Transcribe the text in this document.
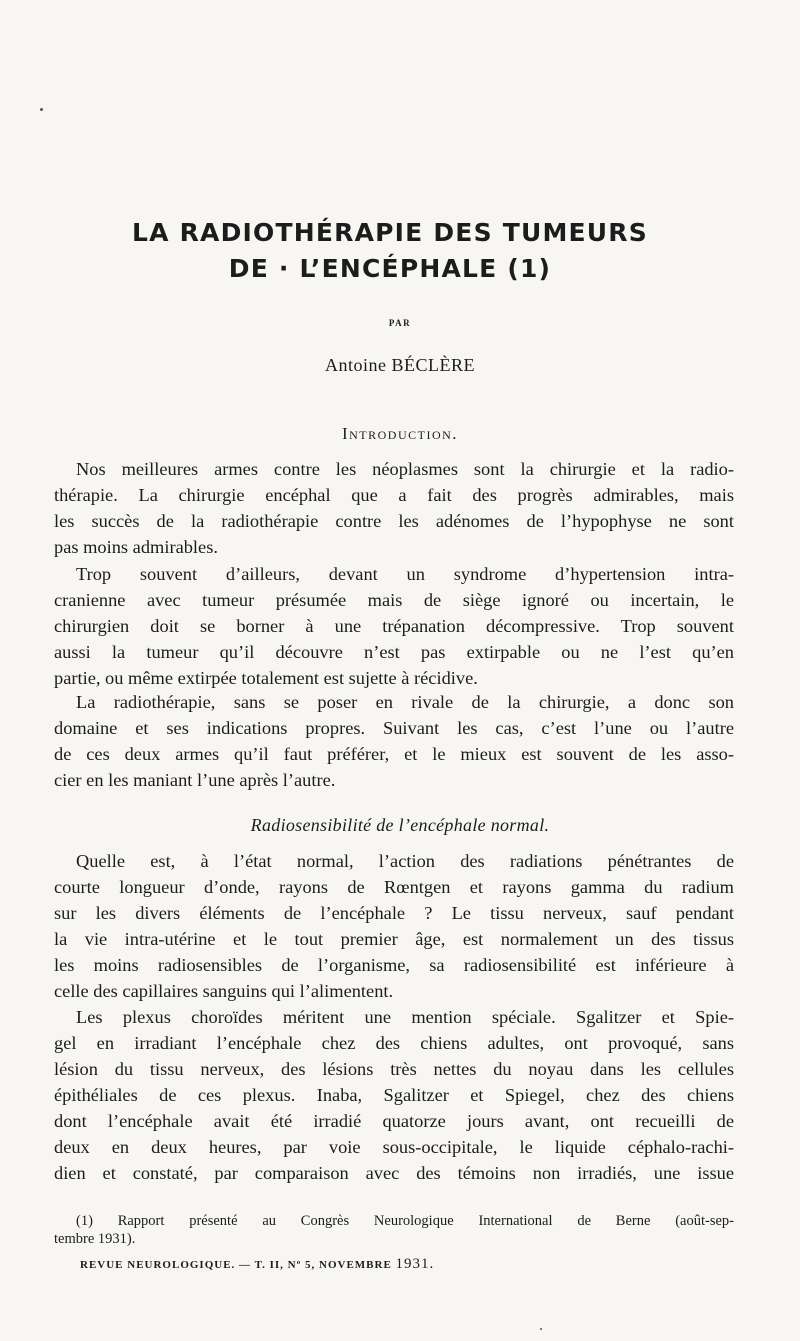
LA RADIOTHÉRAPIE DES TUMEURS
DE · L’ENCÉPHALE (1)
PAR
Antoine BÉCLÈRE
Introduction.
Nos meilleures armes contre les néoplasmes sont la chirurgie et la radio-
thérapie. La chirurgie encéphal que a fait des progrès admirables, mais
les succès de la radiothérapie contre les adénomes de l’hypophyse ne sont
pas moins admirables.
Trop souvent d’ailleurs, devant un syndrome d’hypertension intra-
cranienne avec tumeur présumée mais de siège ignoré ou incertain, le
chirurgien doit se borner à une trépanation décompressive. Trop souvent
aussi la tumeur qu’il découvre n’est pas extirpable ou ne l’est qu’en
partie, ou même extirpée totalement est sujette à récidive.
La radiothérapie, sans se poser en rivale de la chirurgie, a donc son
domaine et ses indications propres. Suivant les cas, c’est l’une ou l’autre
de ces deux armes qu’il faut préférer, et le mieux est souvent de les asso-
cier en les maniant l’une après l’autre.
Radiosensibilité de l’encéphale normal.
Quelle est, à l’état normal, l’action des radiations pénétrantes de
courte longueur d’onde, rayons de Rœntgen et rayons gamma du radium
sur les divers éléments de l’encéphale ? Le tissu nerveux, sauf pendant
la vie intra-utérine et le tout premier âge, est normalement un des tissus
les moins radiosensibles de l’organisme, sa radiosensibilité est inférieure à
celle des capillaires sanguins qui l’alimentent.
Les plexus choroïdes méritent une mention spéciale. Sgalitzer et Spie-
gel en irradiant l’encéphale chez des chiens adultes, ont provoqué, sans
lésion du tissu nerveux, des lésions très nettes du noyau dans les cellules
épithéliales de ces plexus. Inaba, Sgalitzer et Spiegel, chez des chiens
dont l’encéphale avait été irradié quatorze jours avant, ont recueilli de
deux en deux heures, par voie sous-occipitale, le liquide céphalo-rachi-
dien et constaté, par comparaison avec des témoins non irradiés, une issue
(1) Rapport présenté au Congrès Neurologique International de Berne (août-sep-
tembre 1931).
REVUE NEUROLOGIQUE. — T. II, Nº 5, NOVEMBRE 1931.
